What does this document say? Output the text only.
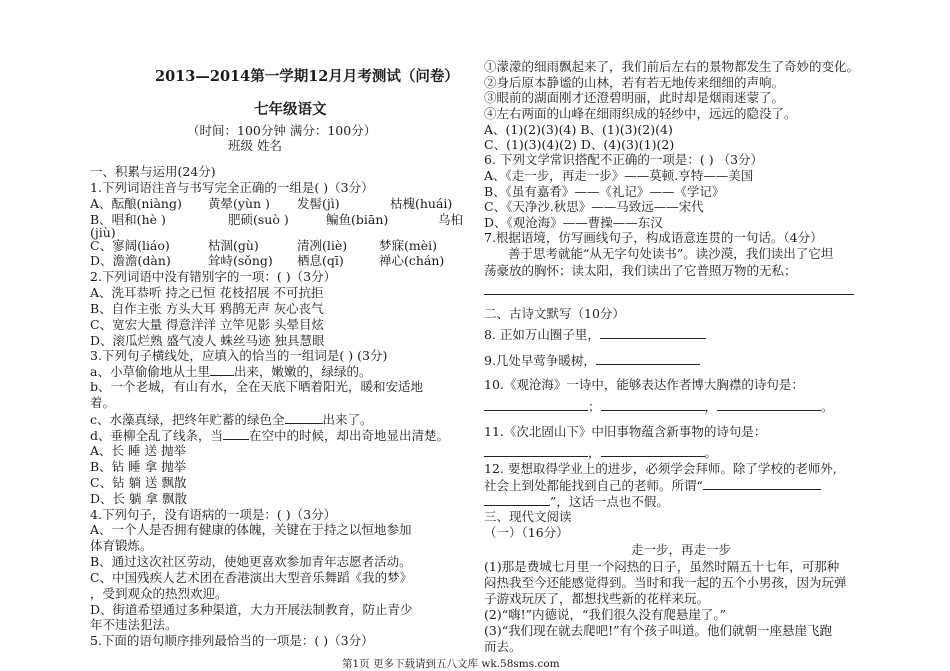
2013—2014第一学期12月月考测试（问卷）
七年级语文
（时间：100分钟 满分：100分）
班级 姓名
一、积累与运用(24分)
1.下列词语注音与书写完全正确的一组是( )（3分）
A、酝酿(niàng) 黄晕(yùn ) 发髻(jì)	枯槐(huái)
B、唱和(hè )	肥硕(suò )	鳊鱼(biān)	乌桕
(jiù)
C、寥阔(liáo)	枯涸(gù)	清冽(liè)	梦寐(mèi)
D、澹澹(dàn)	耸峙(sǒng) 栖息(qī)	禅心(chán)
2.下列词语中没有错别字的一项：( )（3分）
A、洗耳恭听 持之已恒 花枝招展 不可抗拒
B、自作主张 方头大耳 鸦鹊无声 灰心丧气
C、宽宏大量 得意洋洋 立竿见影 头晕目炫
D、滚瓜烂熟 盛气凌人 蛛丝马迹 独具慧眼
3.下列句子横线处，应填入的恰当的一组词是( ) (3分)
a、小草偷偷地从土里 出来，嫩嫩的，绿绿的。
b、一个老城，有山有水，全在天底下晒着阳光，暖和安适地
着。
c、水藻真绿，把终年贮蓄的绿色全	出来了。
d、垂柳全乱了线条，当 在空中的时候，却出奇地显出清楚。
A、长 睡 送 抛举
B、钻 睡 拿 抛举
C、钻 躺 送 飘散
D、长 躺 拿 飘散
4.下列句子，没有语病的一项是：( )（3分）
A、一个人是否拥有健康的体魄，关键在于持之以恒地参加
体育锻炼。
B、通过这次社区劳动，使她更喜欢参加青年志愿者活动。
C、中国残疾人艺术团在香港演出大型音乐舞蹈《我的梦》
，受到观众的热烈欢迎。
D、街道希望通过多种渠道，大力开展法制教育，防止青少
年不违法犯法。
5.下面的语句顺序排列最恰当的一项是：( )（3分）
①濛濛的细雨飘起来了，我们前后左右的景物都发生了奇妙的变化。
②身后原本静谧的山林，若有若无地传来细细的声响。
③眼前的湖面刚才还澄碧明丽，此时却是烟雨迷蒙了。
④左右两面的山峰在细雨织成的轻纱中，远远的隐没了。
A、(1)(2)(3)(4) B、(1)(3)(2)(4)
C、(1)(3)(4)(2) D、(4)(3)(1)(2)
6. 下列文学常识搭配不正确的一项是：( ) （3分）
A、《走一步，再走一步》——莫顿.亨特——美国
B、《虽有嘉肴》——《礼记》——《学记》
C、《天净沙.秋思》——马致远——宋代
D、《观沧海》——曹操——东汉
7.根据语境，仿写画线句子，构成语意连贯的一句话。（4分）
善于思考就能“从无字句处读书”。读沙漠，我们读出了它坦
荡豪放的胸怀；读太阳，我们读出了它普照万物的无私；
二、古诗文默写（10分）
8. 正如万山圈子里，
9.几处早莺争暖树，
10.《观沧海》一诗中，能够表达作者博大胸襟的诗句是：
；	，	。
11.《次北固山下》中旧事物蕴含新事物的诗句是：
，	。
12. 要想取得学业上的进步，必须学会拜师。除了学校的老师外,
社会上到处都能找到自己的老师。所谓“
”，这话一点也不假。
三、现代文阅读
（一）（16分）
走一步，再走一步
(1)那是费城七月里一个闷热的日子，虽然时隔五十七年，可那种
闷热我至今还能感觉得到。当时和我一起的五个小男孩，因为玩弹
子游戏玩厌了，都想找些新的花样来玩。
(2)“嗨!”内德说，“我们很久没有爬悬崖了。”
(3)“我们现在就去爬吧!”有个孩子叫道。他们就朝一座悬崖飞跑
而去。
第1页 更多下载请到五八文库 wk.58sms.com
